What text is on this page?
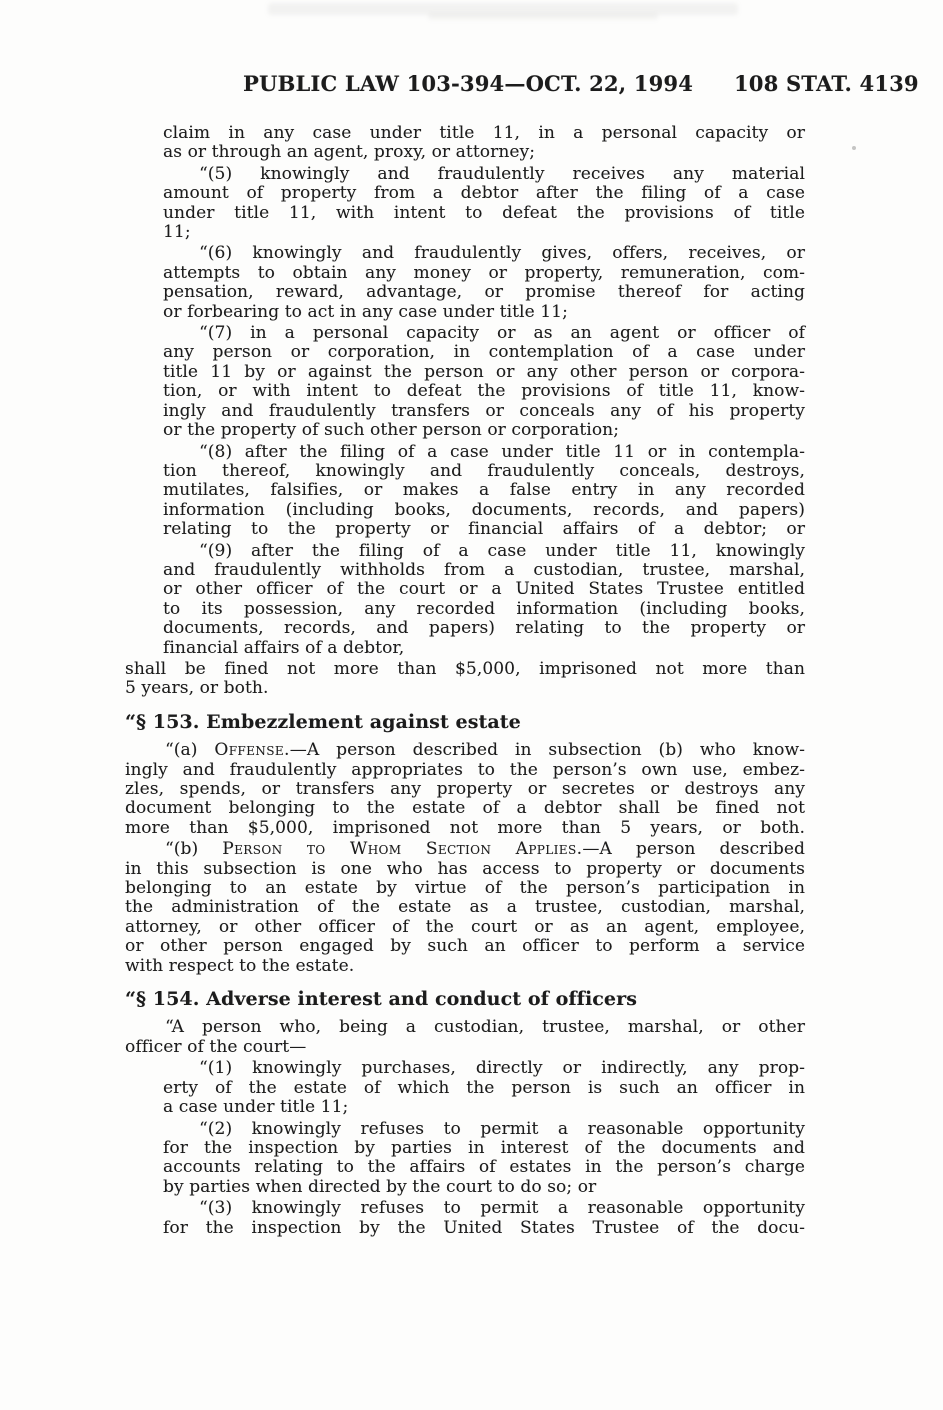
PUBLIC LAW 103-394—OCT. 22, 1994 108 STAT. 4139
claim in any case under title 11, in a personal capacity or
as or through an agent, proxy, or attorney;
“(5) knowingly and fraudulently receives any material
amount of property from a debtor after the filing of a case
under title 11, with intent to defeat the provisions of title
11;
“(6) knowingly and fraudulently gives, offers, receives, or
attempts to obtain any money or property, remuneration, com-
pensation, reward, advantage, or promise thereof for acting
or forbearing to act in any case under title 11;
“(7) in a personal capacity or as an agent or officer of
any person or corporation, in contemplation of a case under
title 11 by or against the person or any other person or corpora-
tion, or with intent to defeat the provisions of title 11, know-
ingly and fraudulently transfers or conceals any of his property
or the property of such other person or corporation;
“(8) after the filing of a case under title 11 or in contempla-
tion thereof, knowingly and fraudulently conceals, destroys,
mutilates, falsifies, or makes a false entry in any recorded
information (including books, documents, records, and papers)
relating to the property or financial affairs of a debtor; or
“(9) after the filing of a case under title 11, knowingly
and fraudulently withholds from a custodian, trustee, marshal,
or other officer of the court or a United States Trustee entitled
to its possession, any recorded information (including books,
documents, records, and papers) relating to the property or
financial affairs of a debtor,
shall be fined not more than $5,000, imprisoned not more than
5 years, or both.
“§ 153. Embezzlement against estate
“(a) Offense.—A person described in subsection (b) who know-
ingly and fraudulently appropriates to the person’s own use, embez-
zles, spends, or transfers any property or secretes or destroys any
document belonging to the estate of a debtor shall be fined not
more than $5,000, imprisoned not more than 5 years, or both.
“(b) Person to Whom Section Applies.—A person described
in this subsection is one who has access to property or documents
belonging to an estate by virtue of the person’s participation in
the administration of the estate as a trustee, custodian, marshal,
attorney, or other officer of the court or as an agent, employee,
or other person engaged by such an officer to perform a service
with respect to the estate.
“§ 154. Adverse interest and conduct of officers
“A person who, being a custodian, trustee, marshal, or other
officer of the court—
“(1) knowingly purchases, directly or indirectly, any prop-
erty of the estate of which the person is such an officer in
a case under title 11;
“(2) knowingly refuses to permit a reasonable opportunity
for the inspection by parties in interest of the documents and
accounts relating to the affairs of estates in the person’s charge
by parties when directed by the court to do so; or
“(3) knowingly refuses to permit a reasonable opportunity
for the inspection by the United States Trustee of the docu-
